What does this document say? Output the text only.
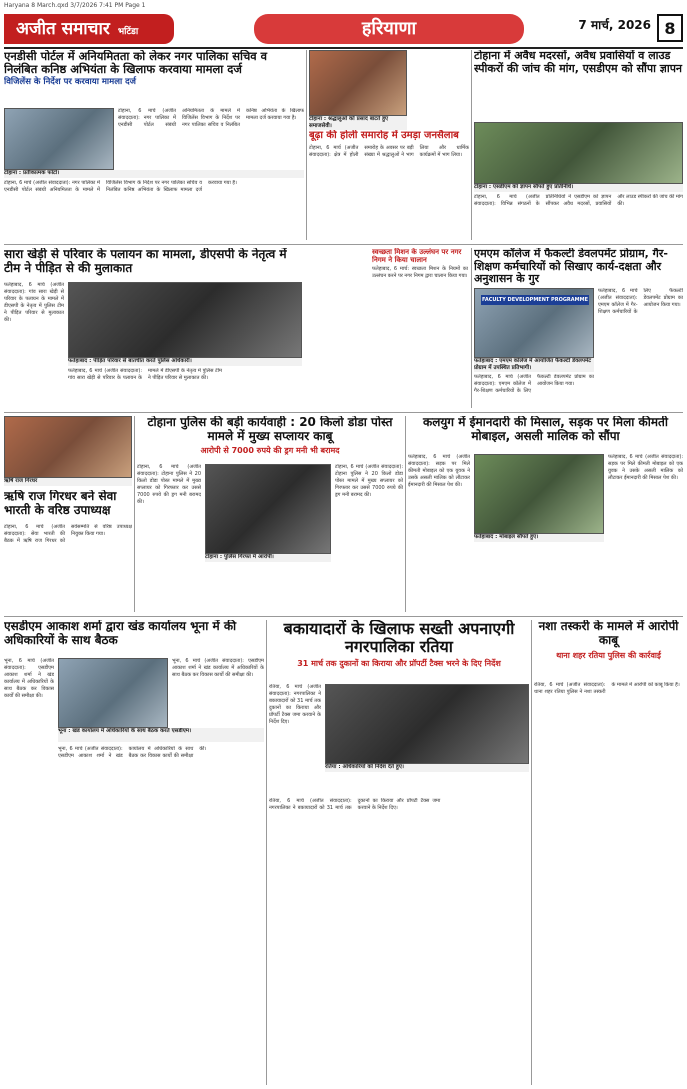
Haryana 8 March.qxd 3/7/2026 7:41 PM Page 1
अजीत समाचार भटिंडा	हरियाणा	7 मार्च, 2026 8
एनडीसी पोर्टल में अनियमितता को लेकर नगर पालिका सचिव व निलंबित कनिष्ठ अभियंता के खिलाफ करवाया मामला दर्ज
विजिलेंस के निर्देश पर करवाया मामला दर्ज
टोहाना : प्रतीकात्मक फोटो।
टोहाना, 6 मार्च (अजीत संवाददाता): नगर पालिका में एनडीसी पोर्टल संबंधी अनियमितता के मामले में विजिलेंस विभाग के निर्देश पर नगर पालिका सचिव व निलंबित कनिष्ठ अभियंता के खिलाफ मामला दर्ज करवाया गया है।
टोहाना, 6 मार्च (अजीत संवाददाता): नगर पालिका में एनडीसी पोर्टल संबंधी अनियमितता के मामले में विजिलेंस विभाग के निर्देश पर नगर पालिका सचिव व निलंबित कनिष्ठ अभियंता के खिलाफ मामला दर्ज करवाया गया है।
टोहाना : श्रद्धालुओं को प्रसाद बांटते हुए समाजसेवी।
बूढ़ा की होली समारोह में उमड़ा जनसैलाब
टोहाना, 6 मार्च (अजीत संवाददाता): क्षेत्र में होली समारोह के अवसर पर बड़ी संख्या में श्रद्धालुओं ने भाग लिया और धार्मिक कार्यक्रमों में भाग लिया।
टोहाना में अवैध मदरसों, अवैध प्रवासियों व लाउड स्पीकरों की जांच की मांग, एसडीएम को सौंपा ज्ञापन
टोहाना : एसडीएम को ज्ञापन सौंपते हुए प्रतिनिधि।
टोहाना, 6 मार्च (अजीत संवाददाता): विभिन्न संगठनों के प्रतिनिधियों ने एसडीएम को ज्ञापन सौंपकर अवैध मदरसों, प्रवासियों और लाउड स्पीकरों की जांच की मांग की।
सारा खेड़ी से परिवार के पलायन का मामला, डीएसपी के नेतृत्व में टीम ने पीड़ित से की मुलाकात
फतेहाबाद, 6 मार्च (अजीत संवाददाता): गांव सारा खेड़ी से परिवार के पलायन के मामले में डीएसपी के नेतृत्व में पुलिस टीम ने पीड़ित परिवार से मुलाकात की।
फतेहाबाद : पीड़ित परिवार से बातचीत करते पुलिस अधिकारी।
फतेहाबाद, 6 मार्च (अजीत संवाददाता): गांव सारा खेड़ी से परिवार के पलायन के मामले में डीएसपी के नेतृत्व में पुलिस टीम ने पीड़ित परिवार से मुलाकात की।
स्वच्छता मिशन के उल्लंघन पर नगर निगम ने किया चालान
फतेहाबाद, 6 मार्च: स्वच्छता मिशन के नियमों का उल्लंघन करने पर नगर निगम द्वारा चालान किया गया।
एमएम कॉलेज में फैकल्टी डेवलपमेंट प्रोग्राम, गैर-शिक्षण कर्मचारियों को सिखाए कार्य-दक्षता और अनुशासन के गुर
FACULTY DEVELOPMENT PROGRAMME
फतेहाबाद : एमएम कॉलेज में आयोजित फैकल्टी डेवलपमेंट प्रोग्राम में उपस्थित प्रतिभागी।
फतेहाबाद, 6 मार्च (अजीत संवाददाता): एमएम कॉलेज में गैर-शिक्षण कर्मचारियों के लिए फैकल्टी डेवलपमेंट प्रोग्राम का आयोजन किया गया।
फतेहाबाद, 6 मार्च (अजीत संवाददाता): एमएम कॉलेज में गैर-शिक्षण कर्मचारियों के लिए फैकल्टी डेवलपमेंट प्रोग्राम का आयोजन किया गया।
ऋषि राज गिरधर
ऋषि राज गिरधर बने सेवा भारती के वरिष्ठ उपाध्यक्ष
टोहाना, 6 मार्च (अजीत संवाददाता): सेवा भारती की बैठक में ऋषि राज गिरधर को सर्वसम्मति से वरिष्ठ उपाध्यक्ष नियुक्त किया गया।
टोहाना पुलिस की बड़ी कार्यवाही : 20 किलो डोडा पोस्त मामले में मुख्य सप्लायर काबू
आरोपी से 7000 रुपये की ड्रग मनी भी बरामद
टोहाना, 6 मार्च (अजीत संवाददाता): टोहाना पुलिस ने 20 किलो डोडा पोस्त मामले में मुख्य सप्लायर को गिरफ्तार कर उससे 7000 रुपये की ड्रग मनी बरामद की।
टोहाना : पुलिस गिरफ्त में आरोपी।
टोहाना, 6 मार्च (अजीत संवाददाता): टोहाना पुलिस ने 20 किलो डोडा पोस्त मामले में मुख्य सप्लायर को गिरफ्तार कर उससे 7000 रुपये की ड्रग मनी बरामद की।
कलयुग में ईमानदारी की मिसाल, सड़क पर मिला कीमती मोबाइल, असली मालिक को सौंपा
फतेहाबाद, 6 मार्च (अजीत संवाददाता): सड़क पर मिले कीमती मोबाइल को एक युवक ने उसके असली मालिक को लौटाकर ईमानदारी की मिसाल पेश की।
फतेहाबाद : मोबाइल सौंपते हुए।
फतेहाबाद, 6 मार्च (अजीत संवाददाता): सड़क पर मिले कीमती मोबाइल को एक युवक ने उसके असली मालिक को लौटाकर ईमानदारी की मिसाल पेश की।
एसडीएम आकाश शर्मा द्वारा खंड कार्यालय भूना में की अधिकारियों के साथ बैठक
भूना, 6 मार्च (अजीत संवाददाता): एसडीएम आकाश शर्मा ने खंड कार्यालय में अधिकारियों के साथ बैठक कर विकास कार्यों की समीक्षा की।
भूना : खंड कार्यालय में अधिकारियों के साथ बैठक करते एसडीएम।
भूना, 6 मार्च (अजीत संवाददाता): एसडीएम आकाश शर्मा ने खंड कार्यालय में अधिकारियों के साथ बैठक कर विकास कार्यों की समीक्षा की।
भूना, 6 मार्च (अजीत संवाददाता): एसडीएम आकाश शर्मा ने खंड कार्यालय में अधिकारियों के साथ बैठक कर विकास कार्यों की समीक्षा की।
बकायादारों के खिलाफ सख्ती अपनाएगी नगरपालिका रतिया
31 मार्च तक दुकानों का किराया और प्रॉपर्टी टैक्स भरने के दिए निर्देश
रतिया, 6 मार्च (अजीत संवाददाता): नगरपालिका ने बकायादारों को 31 मार्च तक दुकानों का किराया और प्रॉपर्टी टैक्स जमा करवाने के निर्देश दिए।
रतिया : अधिकारियों को निर्देश देते हुए।
रतिया, 6 मार्च (अजीत संवाददाता): नगरपालिका ने बकायादारों को 31 मार्च तक दुकानों का किराया और प्रॉपर्टी टैक्स जमा करवाने के निर्देश दिए।
नशा तस्करी के मामले में आरोपी काबू
थाना शहर रतिया पुलिस की कार्रवाई
रतिया, 6 मार्च (अजीत संवाददाता): थाना शहर रतिया पुलिस ने नशा तस्करी के मामले में आरोपी को काबू किया है।
